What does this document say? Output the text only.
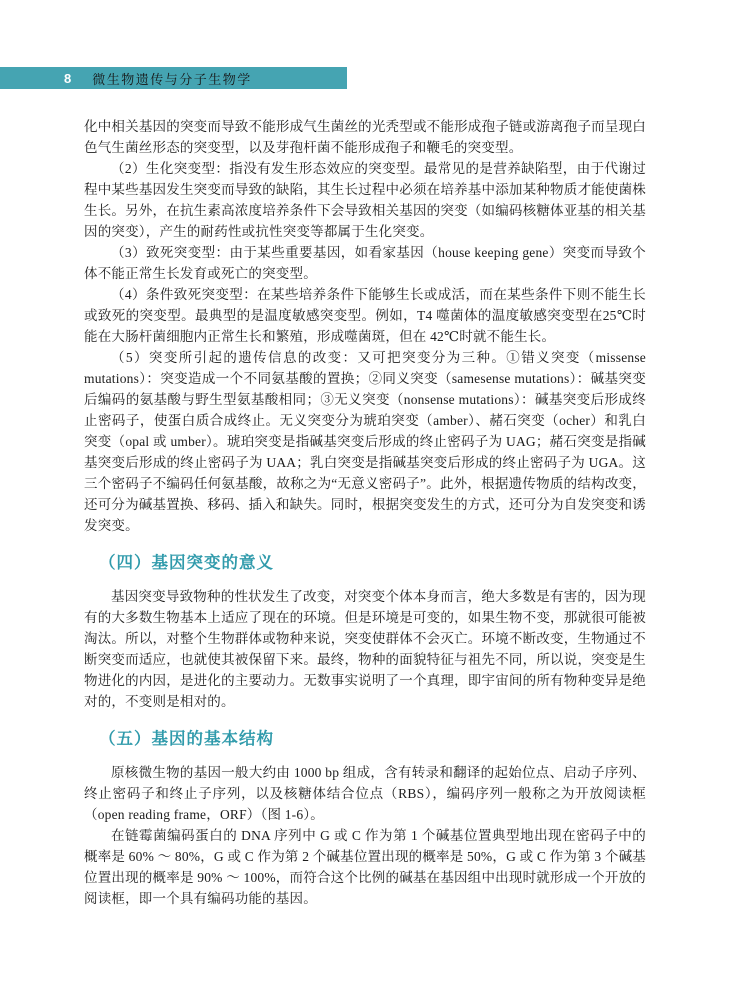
8 微生物遗传与分子生物学

化中相关基因的突变而导致不能形成气生菌丝的光秃型或不能形成孢子链或游离孢子而呈现白色气生菌丝形态的突变型，以及芽孢杆菌不能形成孢子和鞭毛的突变型。

（2）生化突变型：指没有发生形态效应的突变型。最常见的是营养缺陷型，由于代谢过程中某些基因发生突变而导致的缺陷，其生长过程中必须在培养基中添加某种物质才能使菌株生长。另外，在抗生素高浓度培养条件下会导致相关基因的突变（如编码核糖体亚基的相关基因的突变），产生的耐药性或抗性突变等都属于生化突变。

（3）致死突变型：由于某些重要基因，如看家基因（house keeping gene）突变而导致个体不能正常生长发育或死亡的突变型。

（4）条件致死突变型：在某些培养条件下能够生长或成活，而在某些条件下则不能生长或致死的突变型。最典型的是温度敏感突变型。例如，T4 噬菌体的温度敏感突变型在25℃时能在大肠杆菌细胞内正常生长和繁殖，形成噬菌斑，但在 42℃时就不能生长。

（5）突变所引起的遗传信息的改变：又可把突变分为三种。①错义突变（missense mutations）：突变造成一个不同氨基酸的置换；②同义突变（samesense mutations）：碱基突变后编码的氨基酸与野生型氨基酸相同；③无义突变（nonsense mutations）：碱基突变后形成终止密码子，使蛋白质合成终止。无义突变分为琥珀突变（amber）、赭石突变（ocher）和乳白突变（opal 或 umber）。琥珀突变是指碱基突变后形成的终止密码子为 UAG；赭石突变是指碱基突变后形成的终止密码子为 UAA；乳白突变是指碱基突变后形成的终止密码子为 UGA。这三个密码子不编码任何氨基酸，故称之为“无意义密码子”。此外，根据遗传物质的结构改变，还可分为碱基置换、移码、插入和缺失。同时，根据突变发生的方式，还可分为自发突变和诱发突变。

（四）基因突变的意义

基因突变导致物种的性状发生了改变，对突变个体本身而言，绝大多数是有害的，因为现有的大多数生物基本上适应了现在的环境。但是环境是可变的，如果生物不变，那就很可能被淘汰。所以，对整个生物群体或物种来说，突变使群体不会灭亡。环境不断改变，生物通过不断突变而适应，也就使其被保留下来。最终，物种的面貌特征与祖先不同，所以说，突变是生物进化的内因，是进化的主要动力。无数事实说明了一个真理，即宇宙间的所有物种变异是绝对的，不变则是相对的。

（五）基因的基本结构

原核微生物的基因一般大约由 1000 bp 组成，含有转录和翻译的起始位点、启动子序列、终止密码子和终止子序列，以及核糖体结合位点（RBS），编码序列一般称之为开放阅读框（open reading frame，ORF）（图 1-6）。

在链霉菌编码蛋白的 DNA 序列中 G 或 C 作为第 1 个碱基位置典型地出现在密码子中的概率是 60% ～ 80%，G 或 C 作为第 2 个碱基位置出现的概率是 50%，G 或 C 作为第 3 个碱基位置出现的概率是 90% ～ 100%，而符合这个比例的碱基在基因组中出现时就形成一个开放的阅读框，即一个具有编码功能的基因。
